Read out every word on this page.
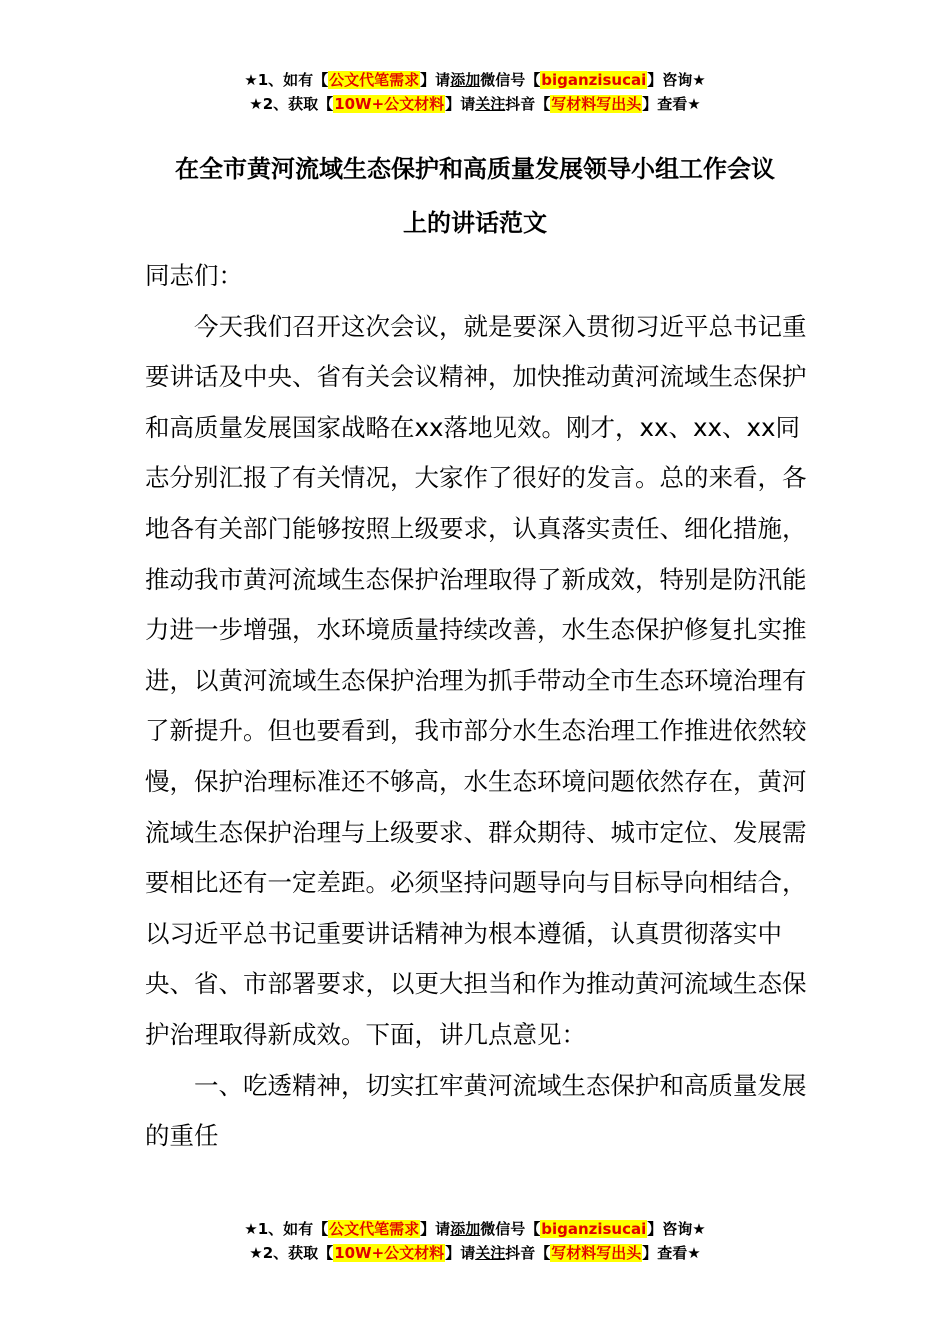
★1、如有【公文代笔需求】请添加微信号【biganzisucai】咨询★
★2、获取【10W+公文材料】请关注抖音【写材料写出头】查看★
在全市黄河流域生态保护和高质量发展领导小组工作会议
上的讲话范文

同志们：

今天我们召开这次会议，就是要深入贯彻习近平总书记重要讲话及中央、省有关会议精神，加快推动黄河流域生态保护和高质量发展国家战略在xx落地见效。刚才，xx、xx、xx同志分别汇报了有关情况，大家作了很好的发言。总的来看，各地各有关部门能够按照上级要求，认真落实责任、细化措施，推动我市黄河流域生态保护治理取得了新成效，特别是防汛能力进一步增强，水环境质量持续改善，水生态保护修复扎实推进，以黄河流域生态保护治理为抓手带动全市生态环境治理有了新提升。但也要看到，我市部分水生态治理工作推进依然较慢，保护治理标准还不够高，水生态环境问题依然存在，黄河流域生态保护治理与上级要求、群众期待、城市定位、发展需要相比还有一定差距。必须坚持问题导向与目标导向相结合，以习近平总书记重要讲话精神为根本遵循，认真贯彻落实中央、省、市部署要求，以更大担当和作为推动黄河流域生态保护治理取得新成效。下面，讲几点意见：

一、吃透精神，切实扛牢黄河流域生态保护和高质量发展的重任

★1、如有【公文代笔需求】请添加微信号【biganzisucai】咨询★
★2、获取【10W+公文材料】请关注抖音【写材料写出头】查看★
